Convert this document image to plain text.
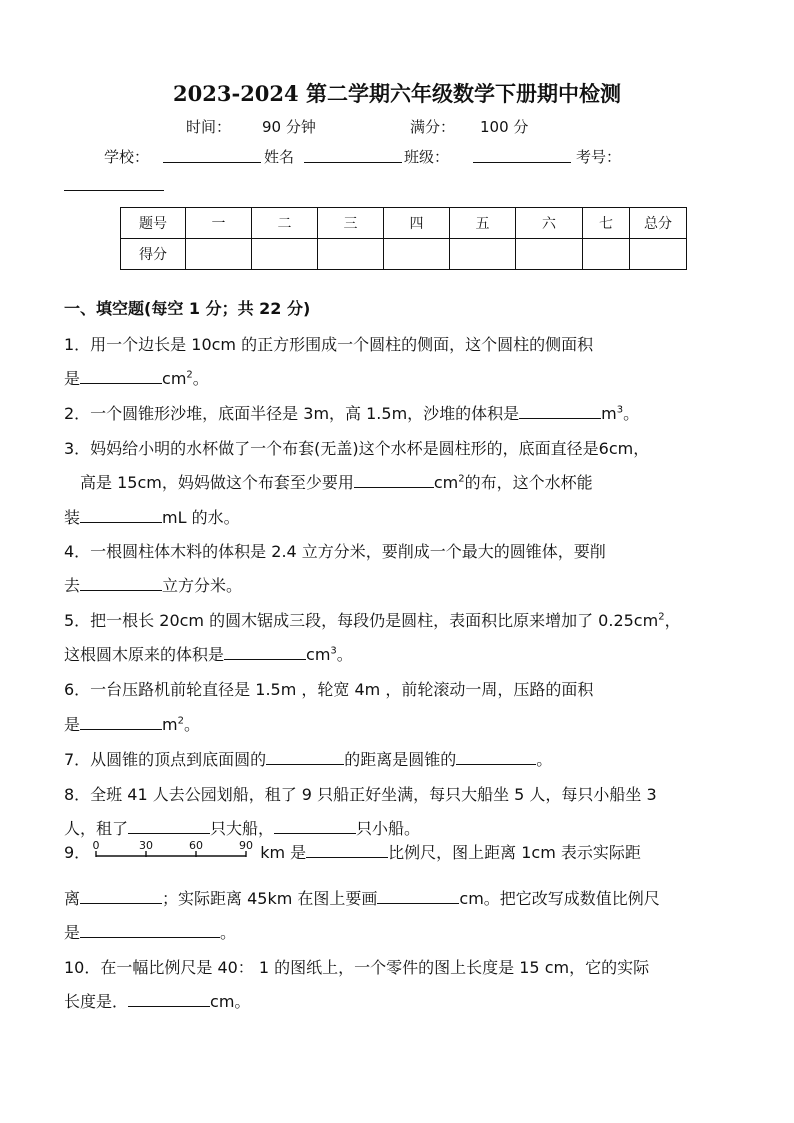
2023-2024 第二学期六年级数学下册期中检测
时间： 90 分钟	满分： 100 分
学校：	姓名	班级：	考号：
题号	一	二	三	四	五	六	七	总分
得分								
一、填空题(每空 1 分；共 22 分)
1．用一个边长是 10cm 的正方形围成一个圆柱的侧面，这个圆柱的侧面积
是	$cm^2$。
2．一个圆锥形沙堆，底面半径是 3m，高 1.5m，沙堆的体积是	$m^3$。
3．妈妈给小明的水杯做了一个布套(无盖)这个水杯是圆柱形的，底面直径是6cm，
高是 15cm，妈妈做这个布套至少要用	$cm^2$的布，这个水杯能
装	mL 的水。
4．一根圆柱体木料的体积是 2.4 立方分米，要削成一个最大的圆锥体，要削
去	立方分米。
5．把一根长 20cm 的圆木锯成三段，每段仍是圆柱，表面积比原来增加了 $0.25cm^2$，
这根圆木原来的体积是	$cm^3$。
6．一台压路机前轮直径是 1.5m ，轮宽 4m ，前轮滚动一周，压路的面积
是	$m^2$。
7．从圆锥的顶点到底面圆的	的距离是圆锥的	。
8．全班 41 人去公园划船，租了 9 只船正好坐满，每只大船坐 5 人，每只小船坐 3
人，租了	只大船，	只小船。
9． 0	30	60	90 km 是	比例尺，图上距离 1cm 表示实际距
离	；实际距离 45km 在图上要画	cm。把它改写成数值比例尺
是	。
10．在一幅比例尺是 40： 1 的图纸上，一个零件的图上长度是 15 cm，它的实际
长度是．	cm。
